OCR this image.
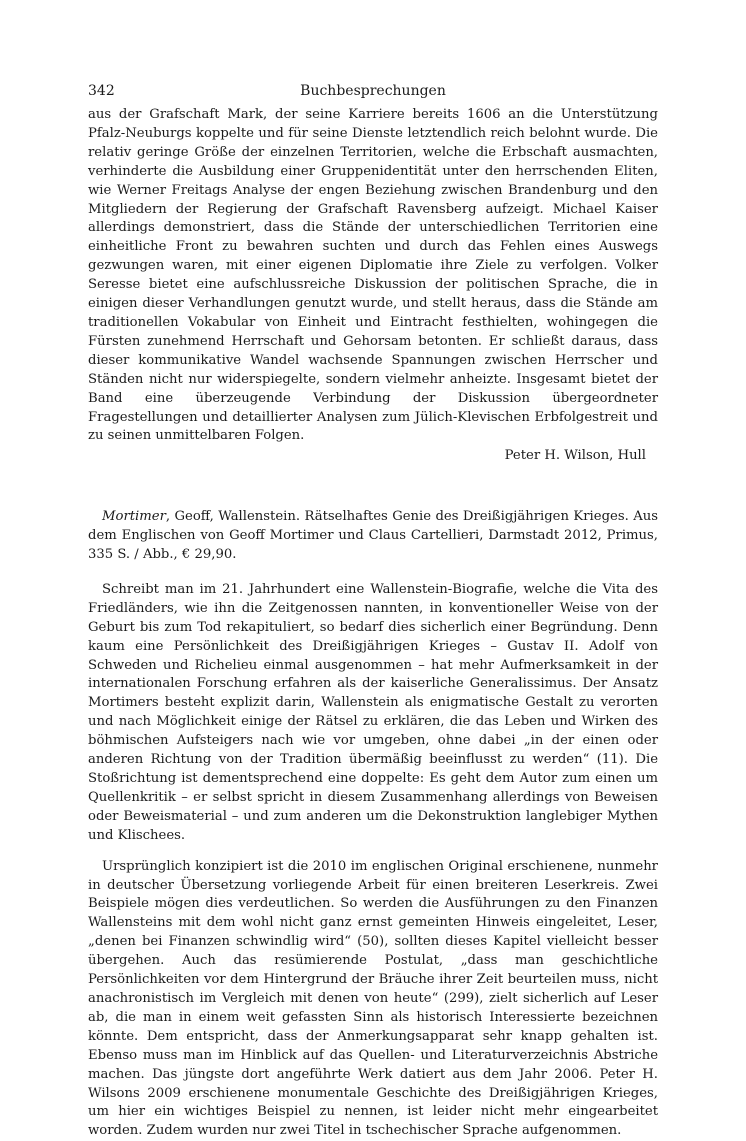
342	Buchbesprechungen

aus der Grafschaft Mark, der seine Karriere bereits 1606 an die Unterstützung Pfalz-Neuburgs koppelte und für seine Dienste letztendlich reich belohnt wurde. Die relativ geringe Größe der einzelnen Territorien, welche die Erbschaft ausmachten, verhinderte die Ausbildung einer Gruppenidentität unter den herrschenden Eliten, wie Werner Freitags Analyse der engen Beziehung zwischen Brandenburg und den Mitgliedern der Regierung der Grafschaft Ravensberg aufzeigt. Michael Kaiser allerdings demonstriert, dass die Stände der unterschiedlichen Territorien eine einheitliche Front zu bewahren suchten und durch das Fehlen eines Auswegs gezwungen waren, mit einer eigenen Diplomatie ihre Ziele zu verfolgen. Volker Seresse bietet eine aufschlussreiche Diskussion der politischen Sprache, die in einigen dieser Verhandlungen genutzt wurde, und stellt heraus, dass die Stände am traditionellen Vokabular von Einheit und Eintracht festhielten, wohingegen die Fürsten zunehmend Herrschaft und Gehorsam betonten. Er schließt daraus, dass dieser kommunikative Wandel wachsende Spannungen zwischen Herrscher und Ständen nicht nur widerspiegelte, sondern vielmehr anheizte. Insgesamt bietet der Band eine überzeugende Verbindung der Diskussion übergeordneter Fragestellungen und detaillierter Analysen zum Jülich-Klevischen Erbfolgestreit und zu seinen unmittelbaren Folgen.

Peter H. Wilson, Hull

Mortimer, Geoff, Wallenstein. Rätselhaftes Genie des Dreißigjährigen Krieges. Aus dem Englischen von Geoff Mortimer und Claus Cartellieri, Darmstadt 2012, Primus, 335 S. / Abb., € 29,90.

Schreibt man im 21. Jahrhundert eine Wallenstein-Biografie, welche die Vita des Friedländers, wie ihn die Zeitgenossen nannten, in konventioneller Weise von der Geburt bis zum Tod rekapituliert, so bedarf dies sicherlich einer Begründung. Denn kaum eine Persönlichkeit des Dreißigjährigen Krieges – Gustav II. Adolf von Schweden und Richelieu einmal ausgenommen – hat mehr Aufmerksamkeit in der internationalen Forschung erfahren als der kaiserliche Generalissimus. Der Ansatz Mortimers besteht explizit darin, Wallenstein als enigmatische Gestalt zu verorten und nach Möglichkeit einige der Rätsel zu erklären, die das Leben und Wirken des böhmischen Aufsteigers nach wie vor umgeben, ohne dabei „in der einen oder anderen Richtung von der Tradition übermäßig beeinflusst zu werden“ (11). Die Stoßrichtung ist dementsprechend eine doppelte: Es geht dem Autor zum einen um Quellenkritik – er selbst spricht in diesem Zusammenhang allerdings von Beweisen oder Beweismaterial – und zum anderen um die Dekonstruktion langlebiger Mythen und Klischees.

Ursprünglich konzipiert ist die 2010 im englischen Original erschienene, nunmehr in deutscher Übersetzung vorliegende Arbeit für einen breiteren Leserkreis. Zwei Beispiele mögen dies verdeutlichen. So werden die Ausführungen zu den Finanzen Wallensteins mit dem wohl nicht ganz ernst gemeinten Hinweis eingeleitet, Leser, „denen bei Finanzen schwindlig wird“ (50), sollten dieses Kapitel vielleicht besser übergehen. Auch das resümierende Postulat, „dass man geschichtliche Persönlichkeiten vor dem Hintergrund der Bräuche ihrer Zeit beurteilen muss, nicht anachronistisch im Vergleich mit denen von heute“ (299), zielt sicherlich auf Leser ab, die man in einem weit gefassten Sinn als historisch Interessierte bezeichnen könnte. Dem entspricht, dass der Anmerkungsapparat sehr knapp gehalten ist. Ebenso muss man im Hinblick auf das Quellen- und Literaturverzeichnis Abstriche machen. Das jüngste dort angeführte Werk datiert aus dem Jahr 2006. Peter H. Wilsons 2009 erschienene monumentale Geschichte des Dreißigjährigen Krieges, um hier ein wichtiges Beispiel zu nennen, ist leider nicht mehr eingearbeitet worden. Zudem wurden nur zwei Titel in tschechischer Sprache aufgenommen.
